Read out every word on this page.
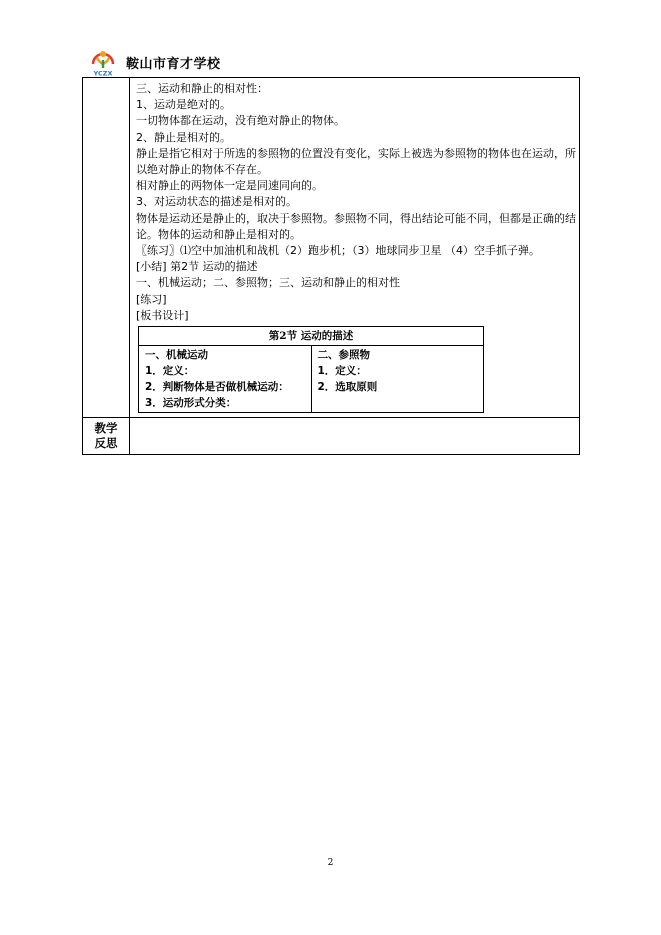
YCZX
鞍山市育才学校

三、运动和静止的相对性：

1、运动是绝对的。

一切物体都在运动，没有绝对静止的物体。

2、静止是相对的。

静止是指它相对于所选的参照物的位置没有变化，实际上被选为参照物的物体也在运动，所以绝对静止的物体不存在。

相对静止的两物体一定是同速同向的。

3、对运动状态的描述是相对的。

物体是运动还是静止的，取决于参照物。参照物不同，得出结论可能不同，但都是正确的结论。物体的运动和静止是相对的。

〖练习〗⑴空中加油机和战机（2）跑步机；（3）地球同步卫星 （4）空手抓子弹。

[小结] 第2节 运动的描述

一、机械运动；二、参照物；三、运动和静止的相对性

[练习]

[板书设计]

第2节 运动的描述

一、机械运动
1．定义：
2．判断物体是否做机械运动：
3．运动形式分类：

二、参照物
1．定义：
2．选取原则

教学
反思

2
